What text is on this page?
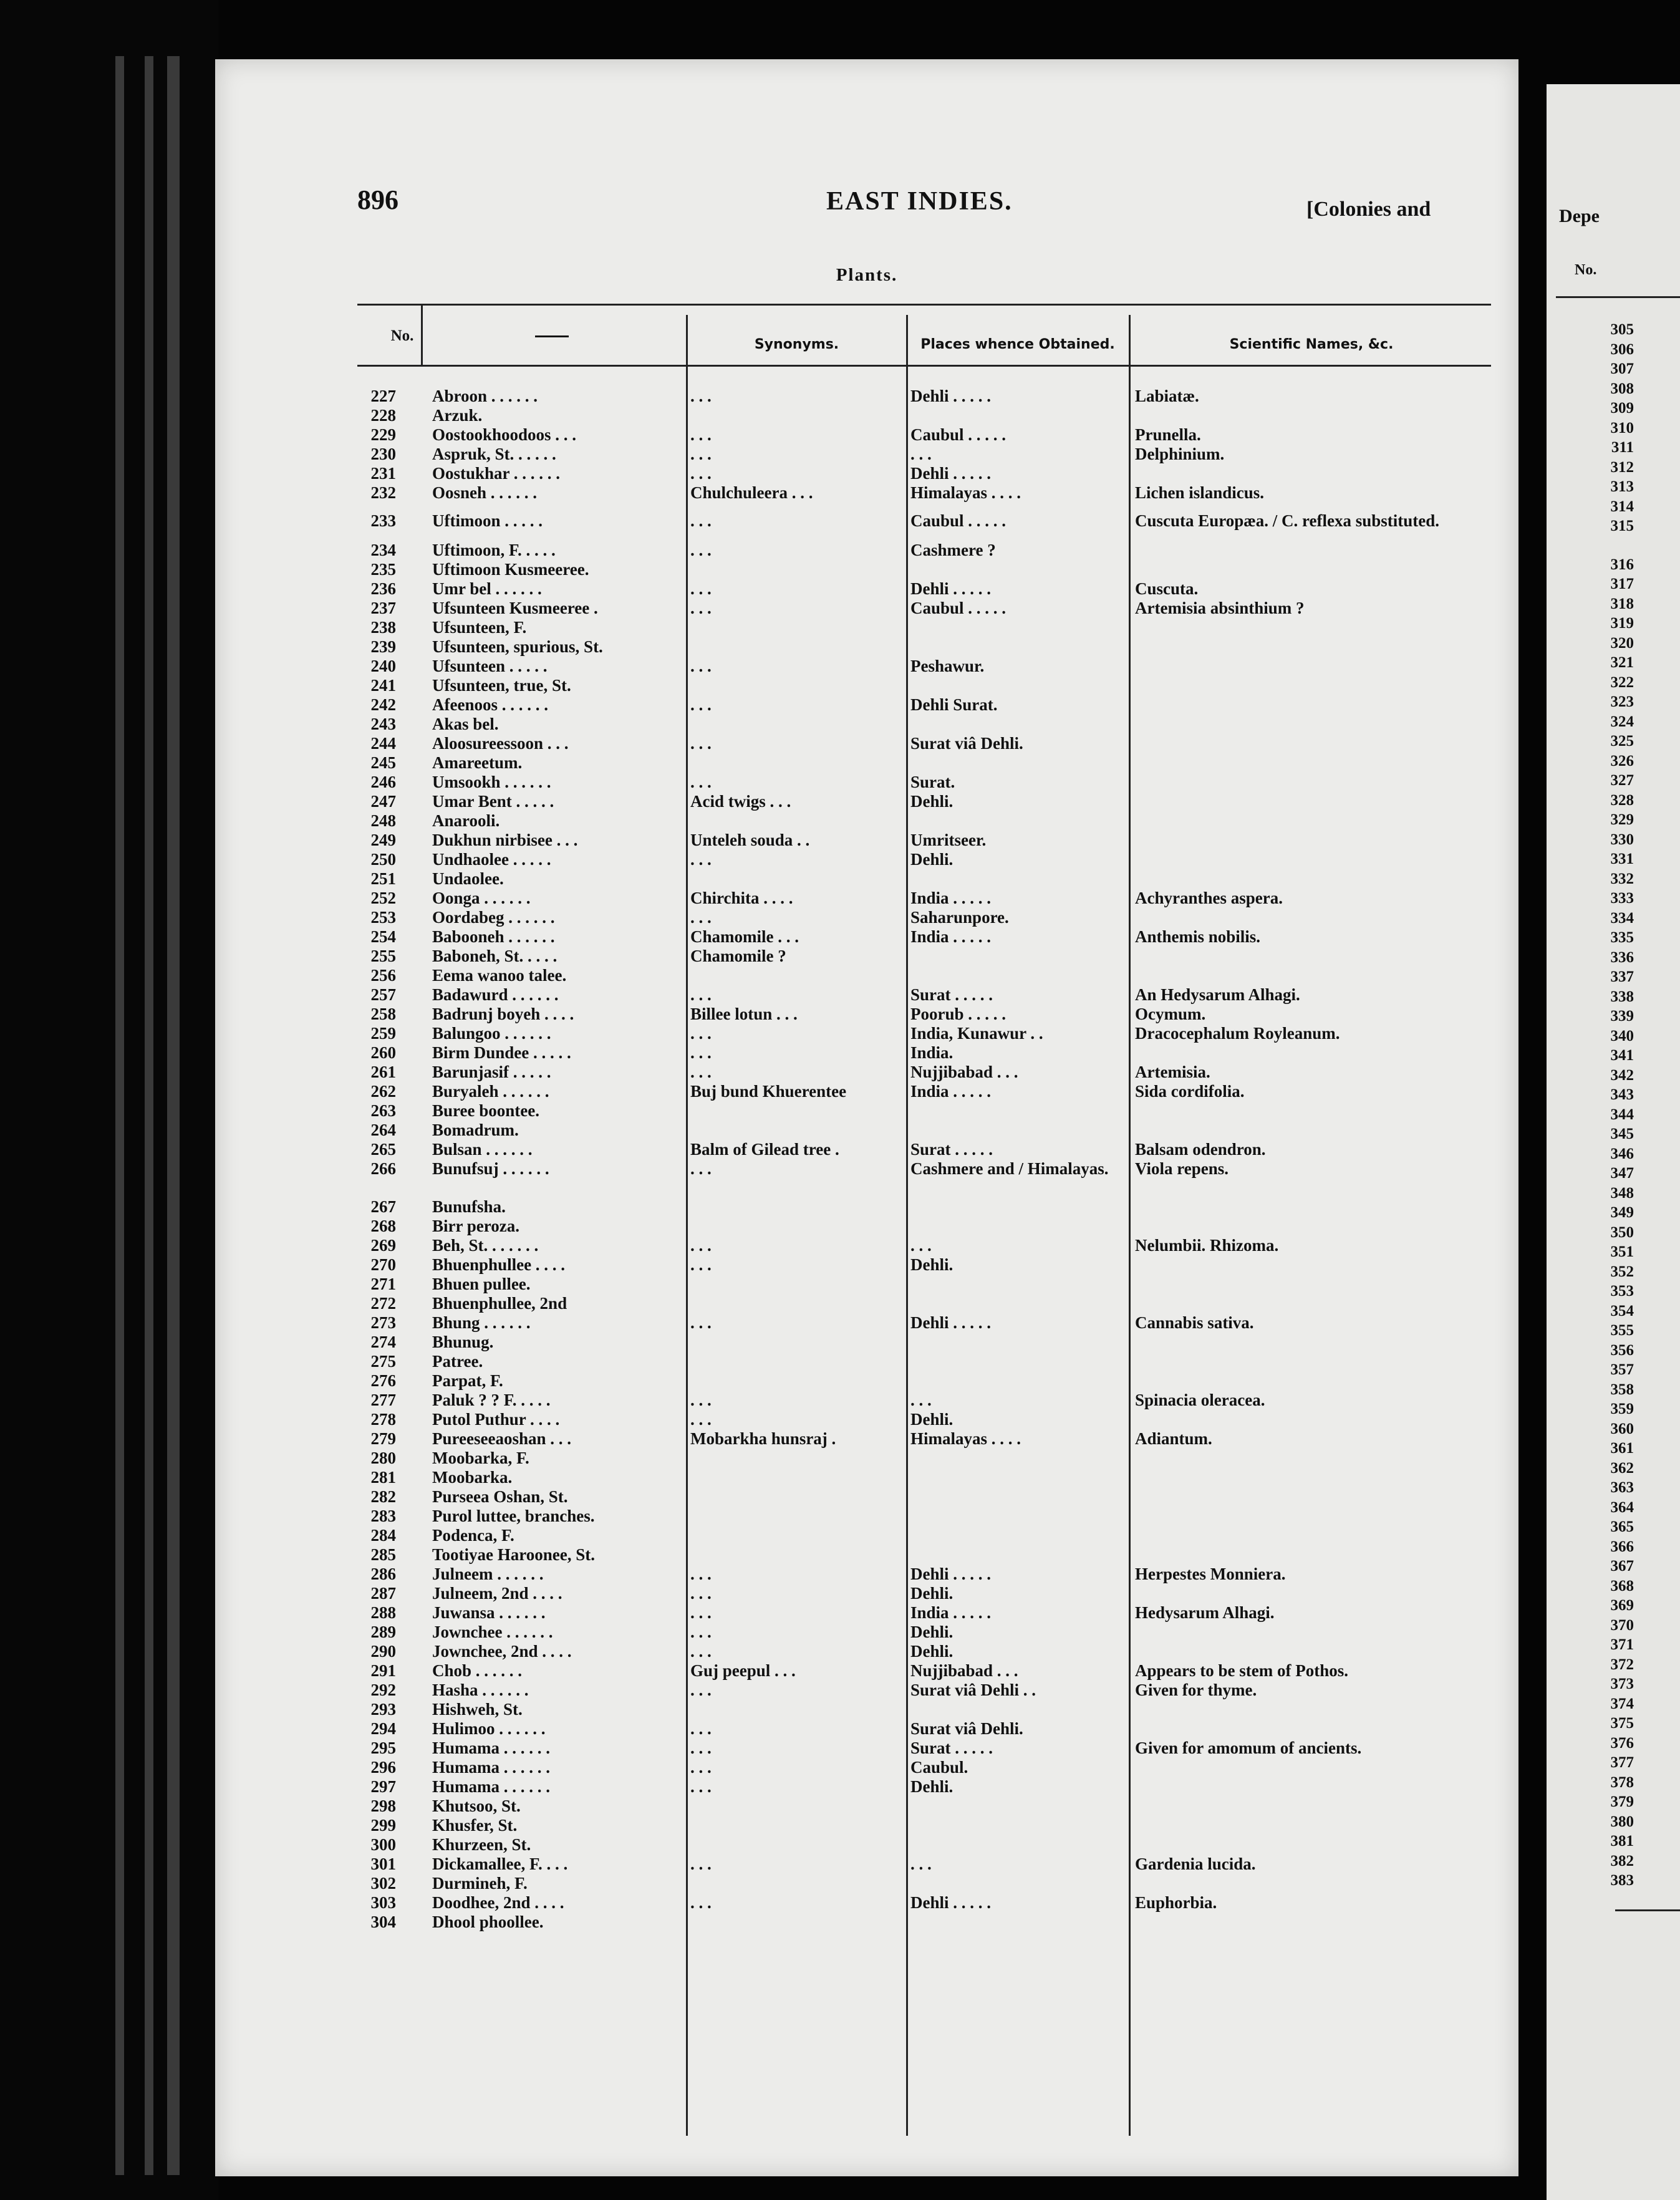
896	EAST INDIES.	[Colonies and
Plants.
No.
Synonyms.	Places whence Obtained.	Scientific Names, &c.
227 Abroon . . . . . .	. . .	Dehli . . . . .	Labiatæ.
228 Arzuk.
229 Oostookhoodoos . . .	. . .	Caubul . . . . .	Prunella.
230 Aspruk, St. . . . . .	. . .	. . .	Delphinium.
231 Oostukhar . . . . . .	. . .	Dehli . . . . .
232 Oosneh . . . . . .	Chulchuleera . . .	Himalayas . . . .	Lichen islandicus.
233 Uftimoon . . . . .	. . .	Caubul . . . . .	Cuscuta Europæa. / C. reflexa substituted.
234 Uftimoon, F. . . . .	. . .	Cashmere ?
235 Uftimoon Kusmeeree.
236 Umr bel . . . . . .	. . .	Dehli . . . . .	Cuscuta.
237 Ufsunteen Kusmeeree .	. . .	Caubul . . . . .	Artemisia absinthium ?
238 Ufsunteen, F.
239 Ufsunteen, spurious, St.
240 Ufsunteen . . . . .	. . .	Peshawur.
241 Ufsunteen, true, St.
242 Afeenoos . . . . . .	. . .	Dehli Surat.
243 Akas bel.
244 Aloosureessoon . . .	. . .	Surat viâ Dehli.
245 Amareetum.
246 Umsookh . . . . . .	. . .	Surat.
247 Umar Bent . . . . .	Acid twigs . . .	Dehli.
248 Anarooli.
249 Dukhun nirbisee . . .	Unteleh souda . .	Umritseer.
250 Undhaolee . . . . .	. . .	Dehli.
251 Undaolee.
252 Oonga . . . . . .	Chirchita . . . .	India . . . . .	Achyranthes aspera.
253 Oordabeg . . . . . .	. . .	Saharunpore.
254 Babooneh . . . . . .	Chamomile . . .	India . . . . .	Anthemis nobilis.
255 Baboneh, St. . . . .	Chamomile ?
256 Eema wanoo talee.
257 Badawurd . . . . . .	. . .	Surat . . . . .	An Hedysarum Alhagi.
258 Badrunj boyeh . . . .	Billee lotun . . .	Poorub . . . . .	Ocymum.
259 Balungoo . . . . . .	. . .	India, Kunawur . .	Dracocephalum Royleanum.
260 Birm Dundee . . . . .	. . .	India.
261 Barunjasif . . . . .	. . .	Nujjibabad . . .	Artemisia.
262 Buryaleh . . . . . .	Buj bund Khuerentee	India . . . . .	Sida cordifolia.
263 Buree boontee.
264 Bomadrum.
265 Bulsan . . . . . .	Balm of Gilead tree .	Surat . . . . .	Balsam odendron.
266 Bunufsuj . . . . . .	. . .	Cashmere and / Himalayas.	Viola repens.
267 Bunufsha.
268 Birr peroza.
269 Beh, St. . . . . . .	. . .	. . .	Nelumbii. Rhizoma.
270 Bhuenphullee . . . .	. . .	Dehli.
271 Bhuen pullee.
272 Bhuenphullee, 2nd
273 Bhung . . . . . .	. . .	Dehli . . . . .	Cannabis sativa.
274 Bhunug.
275 Patree.
276 Parpat, F.
277 Paluk ? ? F. . . . .	. . .	. . .	Spinacia oleracea.
278 Putol Puthur . . . .	. . .	Dehli.
279 Pureeseeaoshan . . .	Mobarkha hunsraj .	Himalayas . . . .	Adiantum.
280 Moobarka, F.
281 Moobarka.
282 Purseea Oshan, St.
283 Purol luttee, branches.
284 Podenca, F.
285 Tootiyae Haroonee, St.
286 Julneem . . . . . .	. . .	Dehli . . . . .	Herpestes Monniera.
287 Julneem, 2nd . . . .	. . .	Dehli.
288 Juwansa . . . . . .	. . .	India . . . . .	Hedysarum Alhagi.
289 Jownchee . . . . . .	. . .	Dehli.
290 Jownchee, 2nd . . . .	. . .	Dehli.
291 Chob . . . . . .	Guj peepul . . .	Nujjibabad . . .	Appears to be stem of Pothos.
292 Hasha . . . . . .	. . .	Surat viâ Dehli . .	Given for thyme.
293 Hishweh, St.
294 Hulimoo . . . . . .	. . .	Surat viâ Dehli.
295 Humama . . . . . .	. . .	Surat . . . . .	Given for amomum of ancients.
296 Humama . . . . . .	. . .	Caubul.
297 Humama . . . . . .	. . .	Dehli.
298 Khutsoo, St.
299 Khusfer, St.
300 Khurzeen, St.
301 Dickamallee, F. . . .	. . .	. . .	Gardenia lucida.
302 Durmineh, F.
303 Doodhee, 2nd . . . .	. . .	Dehli . . . . .	Euphorbia.
304 Dhool phoollee.
Depe
No.
305
306
307
308
309
310
311
312
313
314
315
316
317
318
319
320
321
322
323
324
325
326
327
328
329
330
331
332
333
334
335
336
337
338
339
340
341
342
343
344
345
346
347
348
349
350
351
352
353
354
355
356
357
358
359
360
361
362
363
364
365
366
367
368
369
370
371
372
373
374
375
376
377
378
379
380
381
382
383
